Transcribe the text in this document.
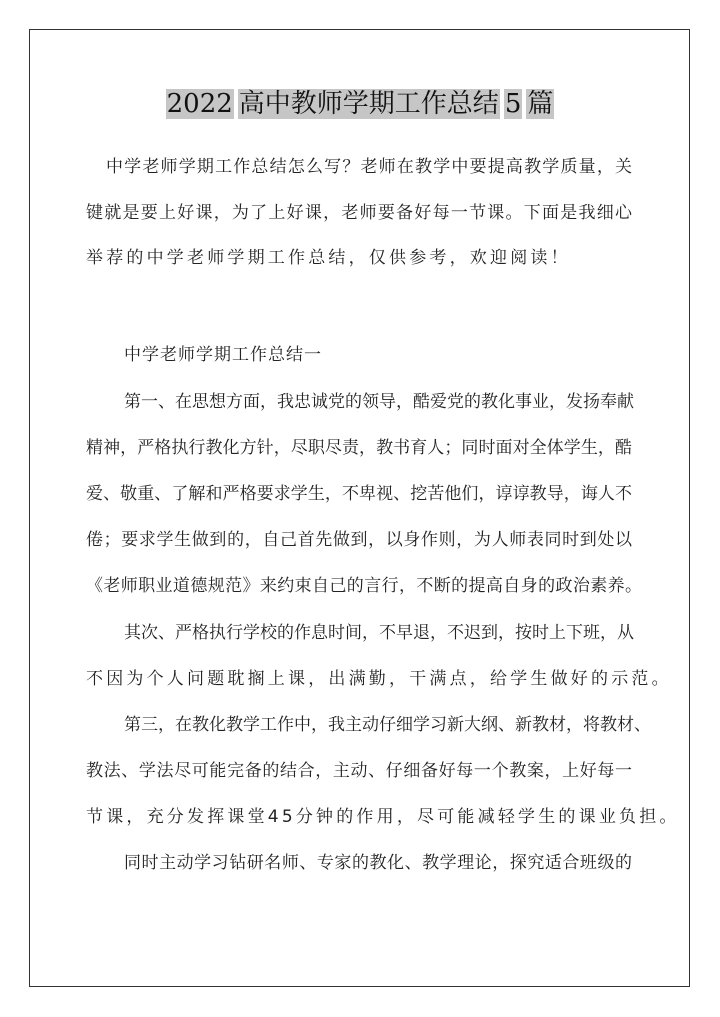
2022 高中教师学期工作总结 5 篇
中学老师学期工作总结怎么写？老师在教学中要提高教学质量，关
键就是要上好课，为了上好课，老师要备好每一节课。下面是我细心
举荐的中学老师学期工作总结，仅供参考，欢迎阅读！
中学老师学期工作总结一
第一、在思想方面，我忠诚党的领导，酷爱党的教化事业，发扬奉献
精神，严格执行教化方针，尽职尽责，教书育人；同时面对全体学生，酷
爱、敬重、了解和严格要求学生，不卑视、挖苦他们，谆谆教导，诲人不
倦；要求学生做到的，自己首先做到，以身作则，为人师表同时到处以
《老师职业道德规范》来约束自己的言行，不断的提高自身的政治素养。
其次、严格执行学校的作息时间，不早退，不迟到，按时上下班，从
不因为个人问题耽搁上课，出满勤，干满点，给学生做好的示范。
第三，在教化教学工作中，我主动仔细学习新大纲、新教材，将教材、
教法、学法尽可能完备的结合，主动、仔细备好每一个教案，上好每一
节课，充分发挥课堂45分钟的作用，尽可能减轻学生的课业负担。
同时主动学习钻研名师、专家的教化、教学理论，探究适合班级的
